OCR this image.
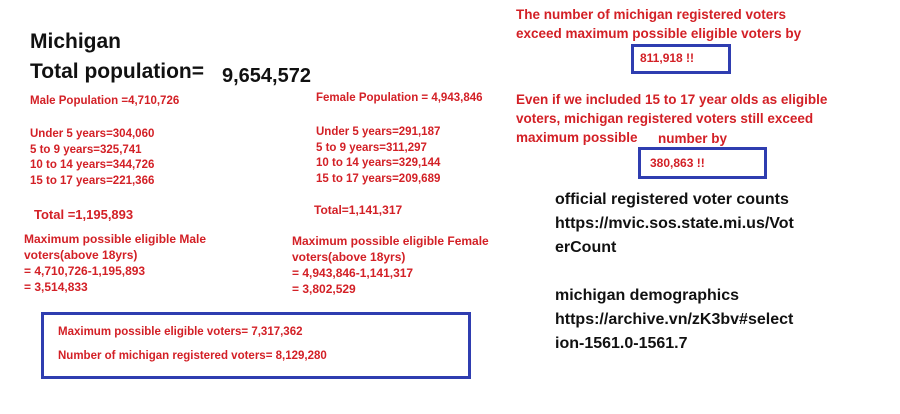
Michigan
Total population= 9,654,572
Male Population =4,710,726
Under 5 years=304,060
5 to 9 years=325,741
10 to 14 years=344,726
15 to 17 years=221,366
Total =1,195,893
Maximum possible eligible Male
voters(above 18yrs)
= 4,710,726-1,195,893
= 3,514,833
Female Population = 4,943,846
Under 5 years=291,187
5 to 9 years=311,297
10 to 14 years=329,144
15 to 17 years=209,689
Total=1,141,317
Maximum possible eligible Female
voters(above 18yrs)
= 4,943,846-1,141,317
= 3,802,529
Maximum possible eligible voters= 7,317,362
Number of michigan registered voters= 8,129,280
The number of michigan registered voters
exceed maximum possible eligible voters by
811,918 !!
Even if we included 15 to 17 year olds as eligible
voters, michigan registered voters still exceed
maximum possible	number by
380,863 !!
official registered voter counts
https://mvic.sos.state.mi.us/Vot
erCount
michigan demographics
https://archive.vn/zK3bv#select
ion-1561.0-1561.7
